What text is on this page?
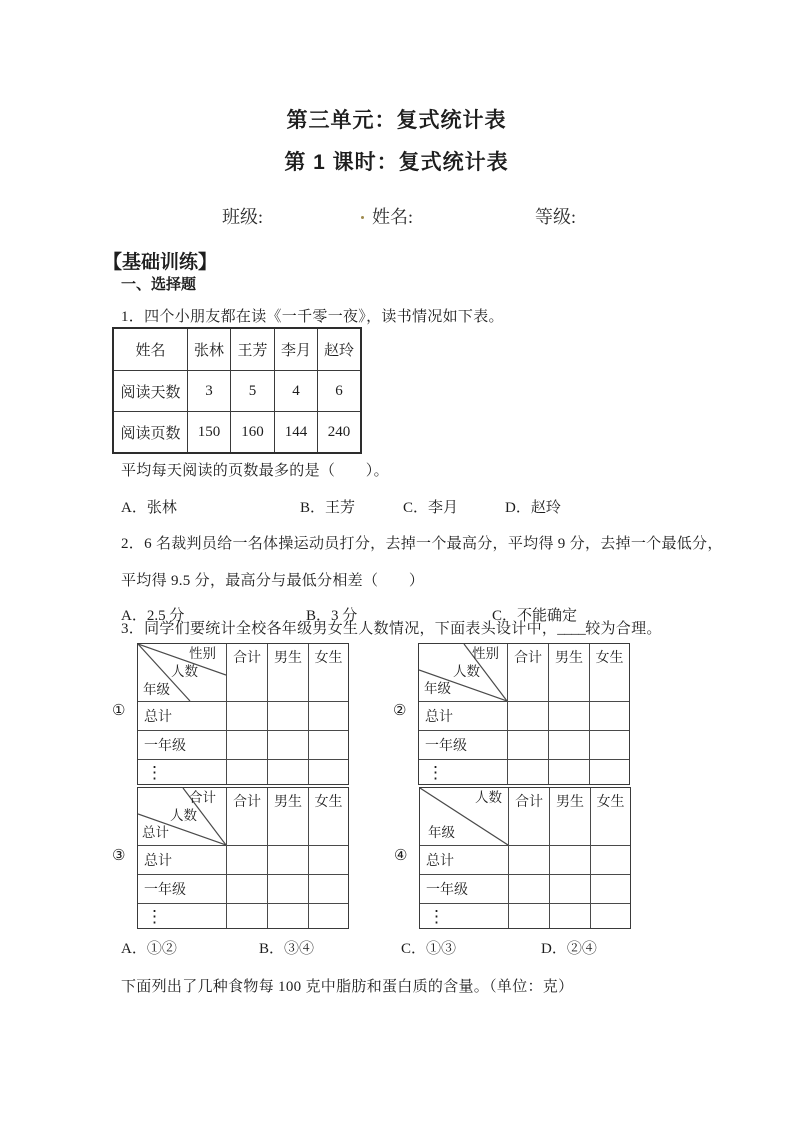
第三单元：复式统计表
第 1 课时：复式统计表
班级:	姓名:	等级:
【基础训练】
一、选择题
1．四个小朋友都在读《一千零一夜》，读书情况如下表。
姓名	张林 王芳 李月 赵玲
阅读天数	3	5	4	6
阅读页数	150	160	144	240
平均每天阅读的页数最多的是（　　）。
A．张林	B．王芳	C．李月	D．赵玲
2．6 名裁判员给一名体操运动员打分，去掉一个最高分，平均得 9 分，去掉一个最低分，
平均得 9.5 分，最高分与最低分相差（　　）
A．2.5 分	B．3 分	C．不能确定
3．同学们要统计全校各年级男女生人数情况，下面表头设计中，____较为合理。
①	②
③	④
性别
人数
年级
合计 男生 女生
总计
一年级
⋮
性别
人数
年级
合计 男生 女生
总计
一年级
⋮
合计
人数
总计
合计 男生 女生
总计
一年级
⋮
人数
年级
合计 男生 女生
总计
一年级
⋮
A．①②	B．③④	C．①③	D．②④
下面列出了几种食物每 100 克中脂肪和蛋白质的含量。（单位：克）
